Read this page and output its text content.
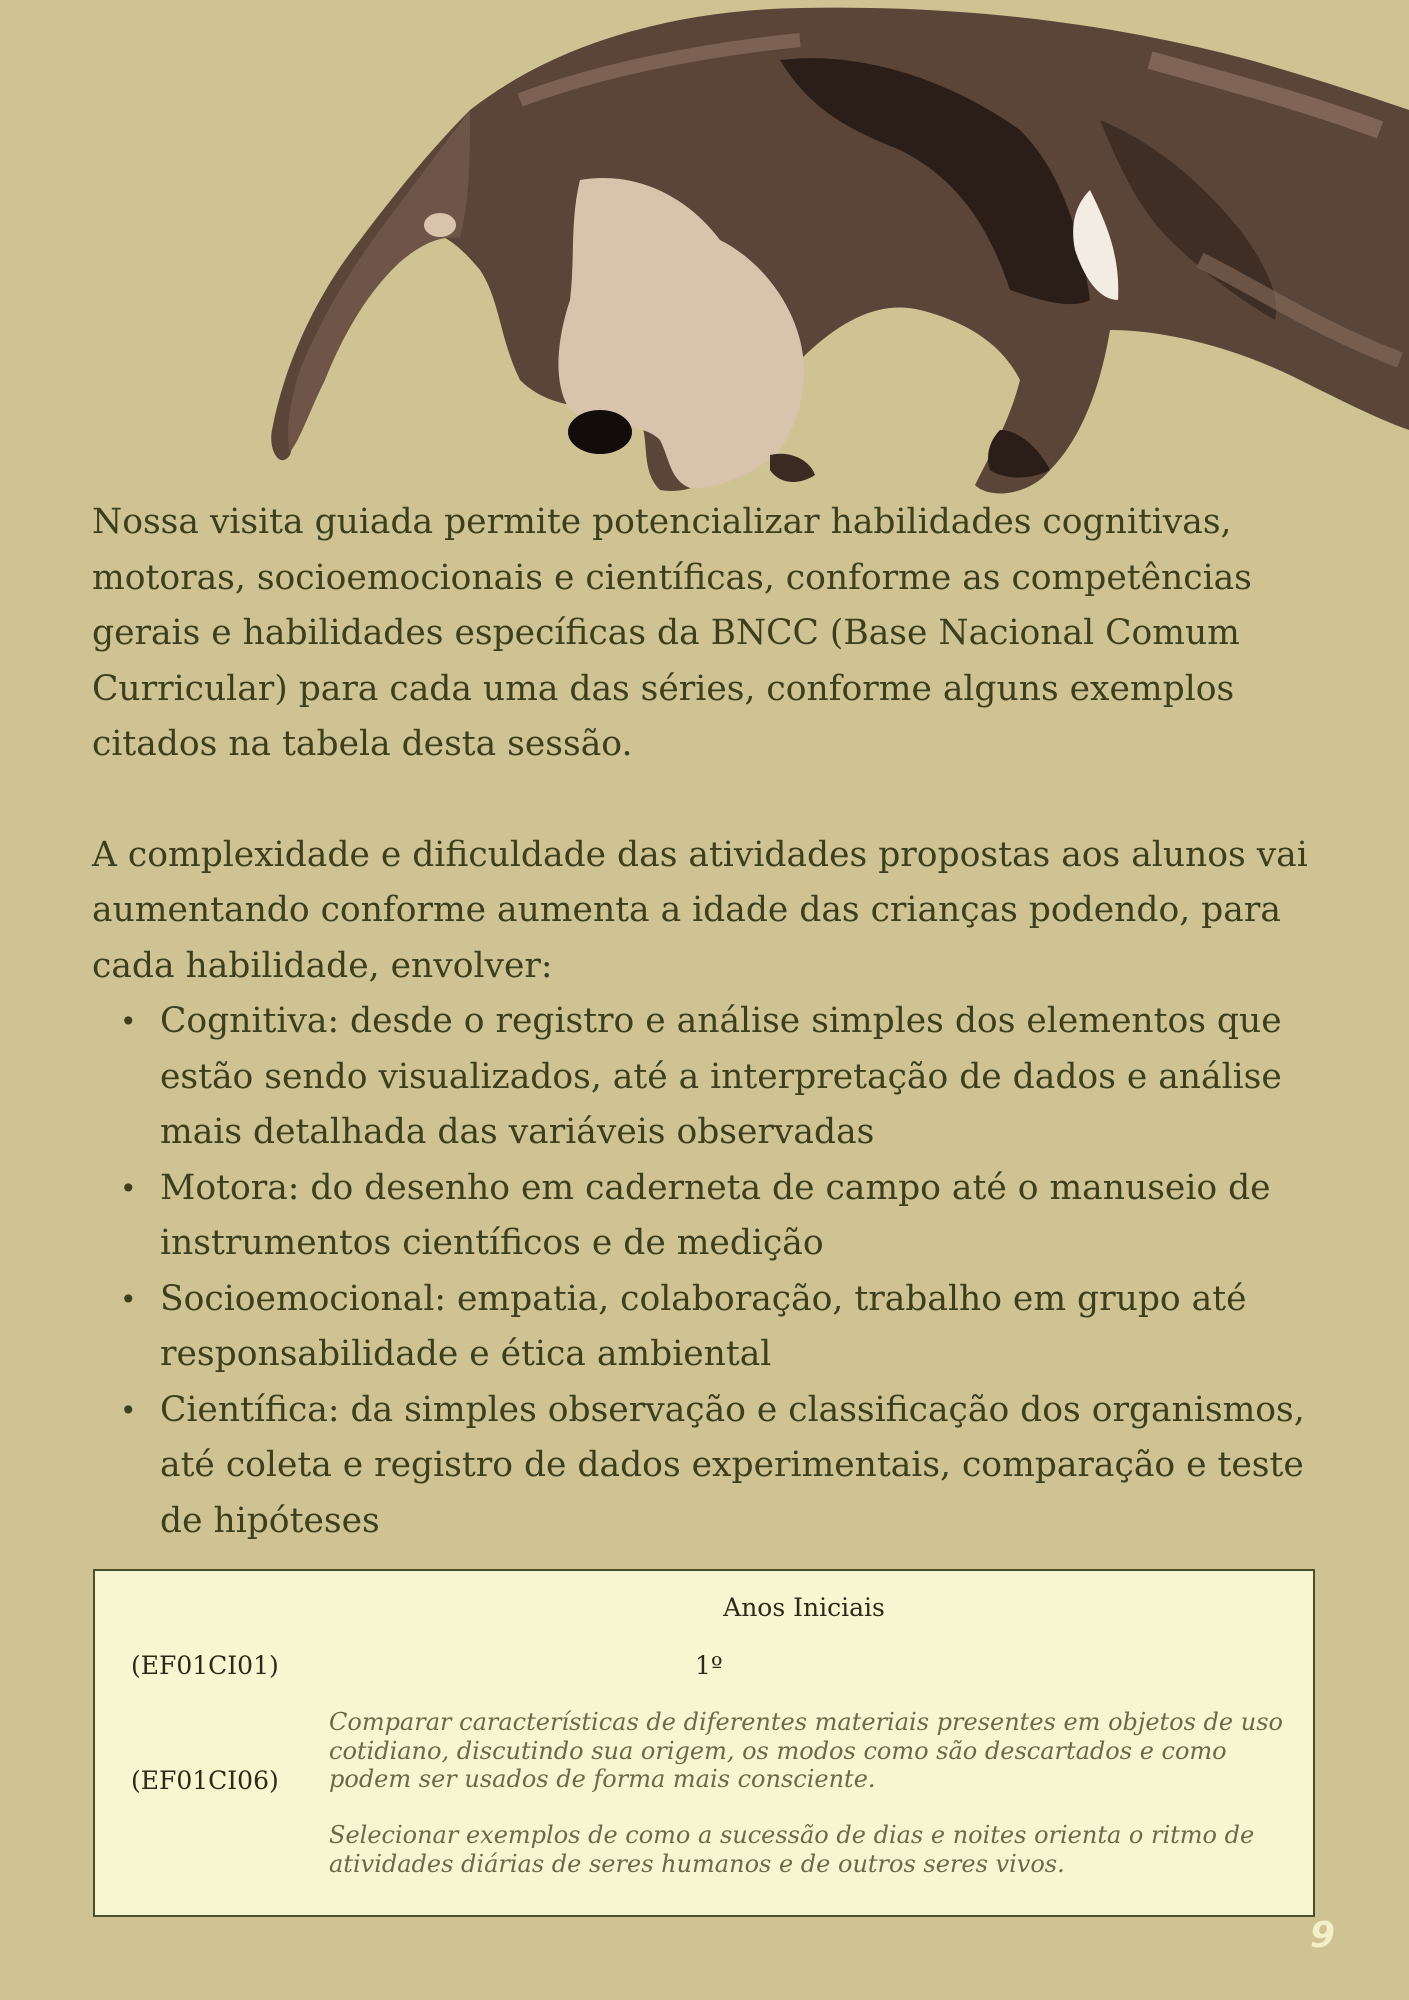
Nossa visita guiada permite potencializar habilidades cognitivas, motoras, socioemocionais e científicas, conforme as competências gerais e habilidades específicas da BNCC (Base Nacional Comum Curricular) para cada uma das séries, conforme alguns exemplos citados na tabela desta sessão.

A complexidade e dificuldade das atividades propostas aos alunos vai aumentando conforme aumenta a idade das crianças podendo, para cada habilidade, envolver:

• Cognitiva: desde o registro e análise simples dos elementos que estão sendo visualizados, até a interpretação de dados e análise mais detalhada das variáveis observadas
• Motora: do desenho em caderneta de campo até o manuseio de instrumentos científicos e de medição
• Socioemocional: empatia, colaboração, trabalho em grupo até responsabilidade e ética ambiental
• Científica: da simples observação e classificação dos organismos, até coleta e registro de dados experimentais, comparação e teste de hipóteses
Anos Iniciais
(EF01CI01)	1º
Comparar características de diferentes materiais presentes em objetos de uso cotidiano, discutindo sua origem, os modos como são descartados e como podem ser usados de forma mais consciente.
(EF01CI06)
Selecionar exemplos de como a sucessão de dias e noites orienta o ritmo de atividades diárias de seres humanos e de outros seres vivos.
9
